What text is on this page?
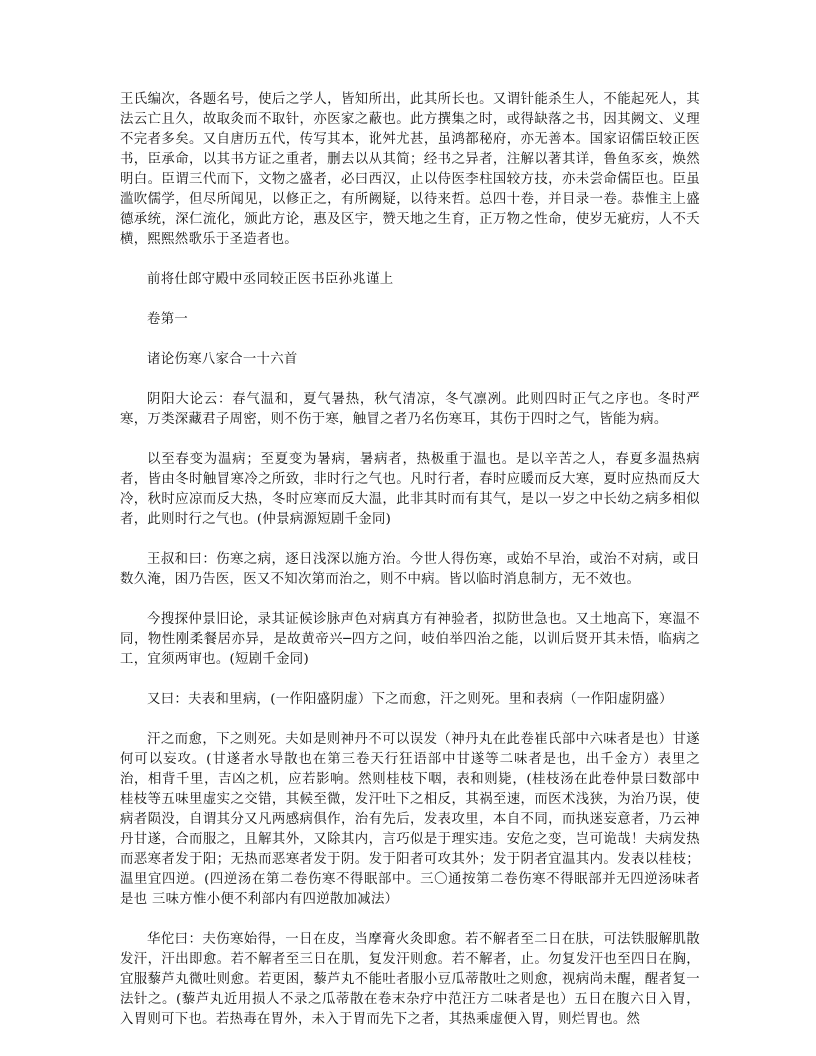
王氏编次，各题名号，使后之学人，皆知所出，此其所长也。又谓针能杀生人，不能起死人，其法云亡且久，故取灸而不取针，亦医家之蔽也。此方撰集之时，或得缺落之书，因其阙文、义理不完者多矣。又自唐历五代，传写其本，讹舛尤甚，虽鸿都秘府，亦无善本。国家诏儒臣较正医书，臣承命，以其书方证之重者，删去以从其简；经书之异者，注解以著其详，鲁鱼豕亥，焕然明白。臣谓三代而下，文物之盛者，必曰西汉，止以侍医李柱国较方技，亦未尝命儒臣也。臣虽滥吹儒学，但尽所闻见，以修正之，有所阙疑，以待来哲。总四十卷，并目录一卷。恭惟主上盛德承统，深仁流化，颁此方论，惠及区宇，赞天地之生育，正万物之性命，使岁无疵疠，人不夭横，熙熙然歌乐于圣造者也。

前将仕郎守殿中丞同较正医书臣孙兆谨上

卷第一

诸论伤寒八家合一十六首

阴阳大论云：春气温和，夏气暑热，秋气清凉，冬气凛冽。此则四时正气之序也。冬时严寒，万类深藏君子周密，则不伤于寒，触冒之者乃名伤寒耳，其伤于四时之气，皆能为病。

以至春变为温病；至夏变为暑病，暑病者，热极重于温也。是以辛苦之人，春夏多温热病者，皆由冬时触冒寒冷之所致，非时行之气也。凡时行者，春时应暖而反大寒，夏时应热而反大冷，秋时应凉而反大热，冬时应寒而反大温，此非其时而有其气，是以一岁之中长幼之病多相似者，此则时行之气也。(仲景病源短剧千金同)

王叔和曰：伤寒之病，逐日浅深以施方治。今世人得伤寒，或始不早治，或治不对病，或日数久淹，困乃告医，医又不知次第而治之，则不中病。皆以临时消息制方，无不效也。

今搜探仲景旧论，录其证候诊脉声色对病真方有神验者，拟防世急也。又土地高下，寒温不同，物性刚柔餐居亦异，是故黄帝兴─四方之问，岐伯举四治之能，以训后贤开其未悟，临病之工，宜须两审也。(短剧千金同)

又曰：夫表和里病，(一作阳盛阴虚）下之而愈，汗之则死。里和表病（一作阳虚阴盛）

汗之而愈，下之则死。夫如是则神丹不可以误发（神丹丸在此卷崔氏部中六味者是也）甘遂何可以妄攻。(甘遂者水导散也在第三卷天行狂语部中甘遂等二味者是也，出千金方）表里之治，相背千里，吉凶之机，应若影响。然则桂枝下咽，表和则毙，(桂枝汤在此卷仲景曰数部中桂枝等五味里虚实之交错，其候至微，发汗吐下之相反，其祸至速，而医术浅狭，为治乃误，使病者陨没，自谓其分又凡两感病俱作，治有先后，发表攻里，本自不同，而执迷妄意者，乃云神丹甘遂，合而服之，且解其外，又除其内，言巧似是于理实违。安危之变，岂可诡哉！夫病发热而恶寒者发于阳；无热而恶寒者发于阴。发于阳者可攻其外；发于阴者宜温其内。发表以桂枝；温里宜四逆。(四逆汤在第二卷伤寒不得眠部中。三〇通按第二卷伤寒不得眠部并无四逆汤味者是也 三味方惟小便不利部内有四逆散加减法）

华佗曰：夫伤寒始得，一日在皮，当摩膏火灸即愈。若不解者至二日在肤，可法铁服解肌散发汗，汗出即愈。若不解者至三日在肌，复发汗则愈。若不解者，止。勿复发汗也至四日在胸，宜服藜芦丸微吐则愈。若更困，藜芦丸不能吐者服小豆瓜蒂散吐之则愈，视病尚未醒，醒者复一法针之。(藜芦丸近用损人不录之瓜蒂散在卷末杂疗中范汪方二味者是也）五日在腹六日入胃，入胃则可下也。若热毒在胃外，未入于胃而先下之者，其热乘虚便入胃，则烂胃也。然
